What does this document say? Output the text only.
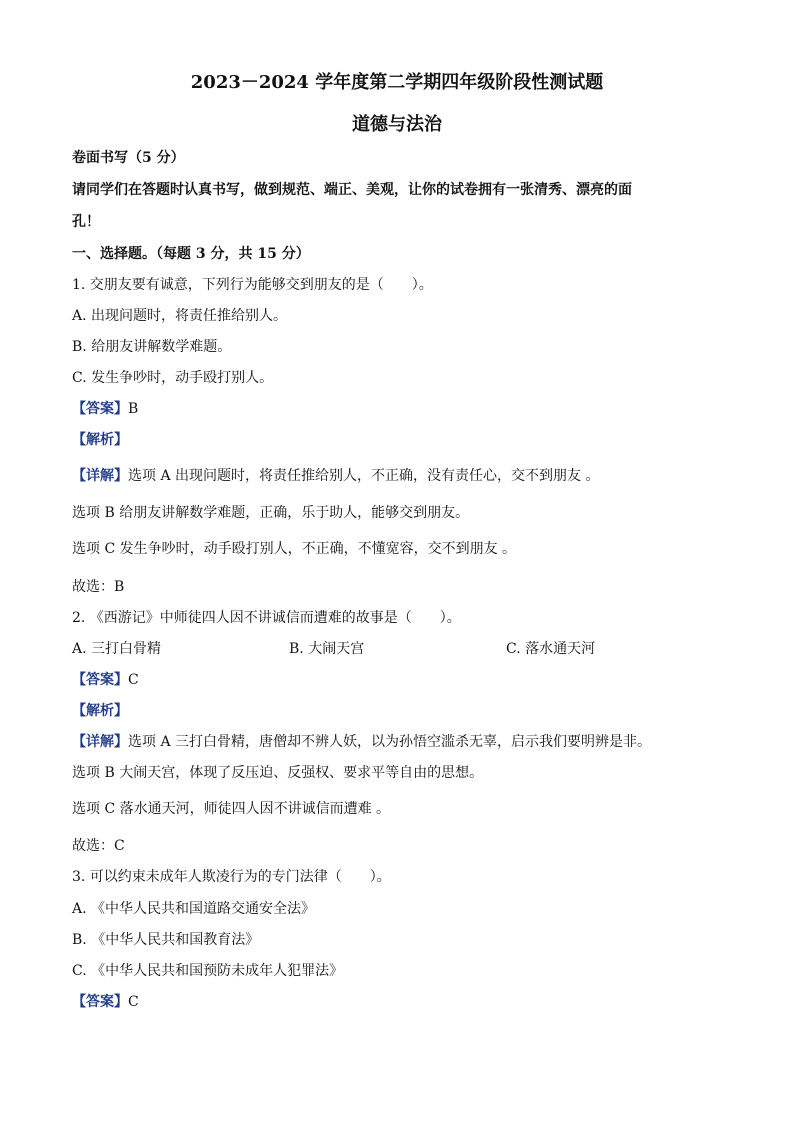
2023－2024 学年度第二学期四年级阶段性测试题
道德与法治
卷面书写（5 分）
请同学们在答题时认真书写，做到规范、端正、美观，让你的试卷拥有一张清秀、漂亮的面
孔！
一、选择题。（每题 3 分，共 15 分）
1. 交朋友要有诚意，下列行为能够交到朋友的是（　　）。
A. 出现问题时，将责任推给别人。
B. 给朋友讲解数学难题。
C. 发生争吵时，动手殴打别人。
【答案】B
【解析】
【详解】选项 A 出现问题时，将责任推给别人，不正确，没有责任心，交不到朋友 。
选项 B 给朋友讲解数学难题，正确，乐于助人，能够交到朋友。
选项 C 发生争吵时，动手殴打别人，不正确，不懂宽容，交不到朋友 。
故选：B
2. 《西游记》中师徒四人因不讲诚信而遭难的故事是（　　）。
A. 三打白骨精	B. 大闹天宫	C. 落水通天河
【答案】C
【解析】
【详解】选项 A 三打白骨精，唐僧却不辨人妖，以为孙悟空滥杀无辜，启示我们要明辨是非。
选项 B 大闹天宫，体现了反压迫、反强权、要求平等自由的思想。
选项 C 落水通天河，师徒四人因不讲诚信而遭难 。
故选：C
3. 可以约束未成年人欺凌行为的专门法律（　　）。
A. 《中华人民共和国道路交通安全法》
B. 《中华人民共和国教育法》
C. 《中华人民共和国预防未成年人犯罪法》
【答案】C
